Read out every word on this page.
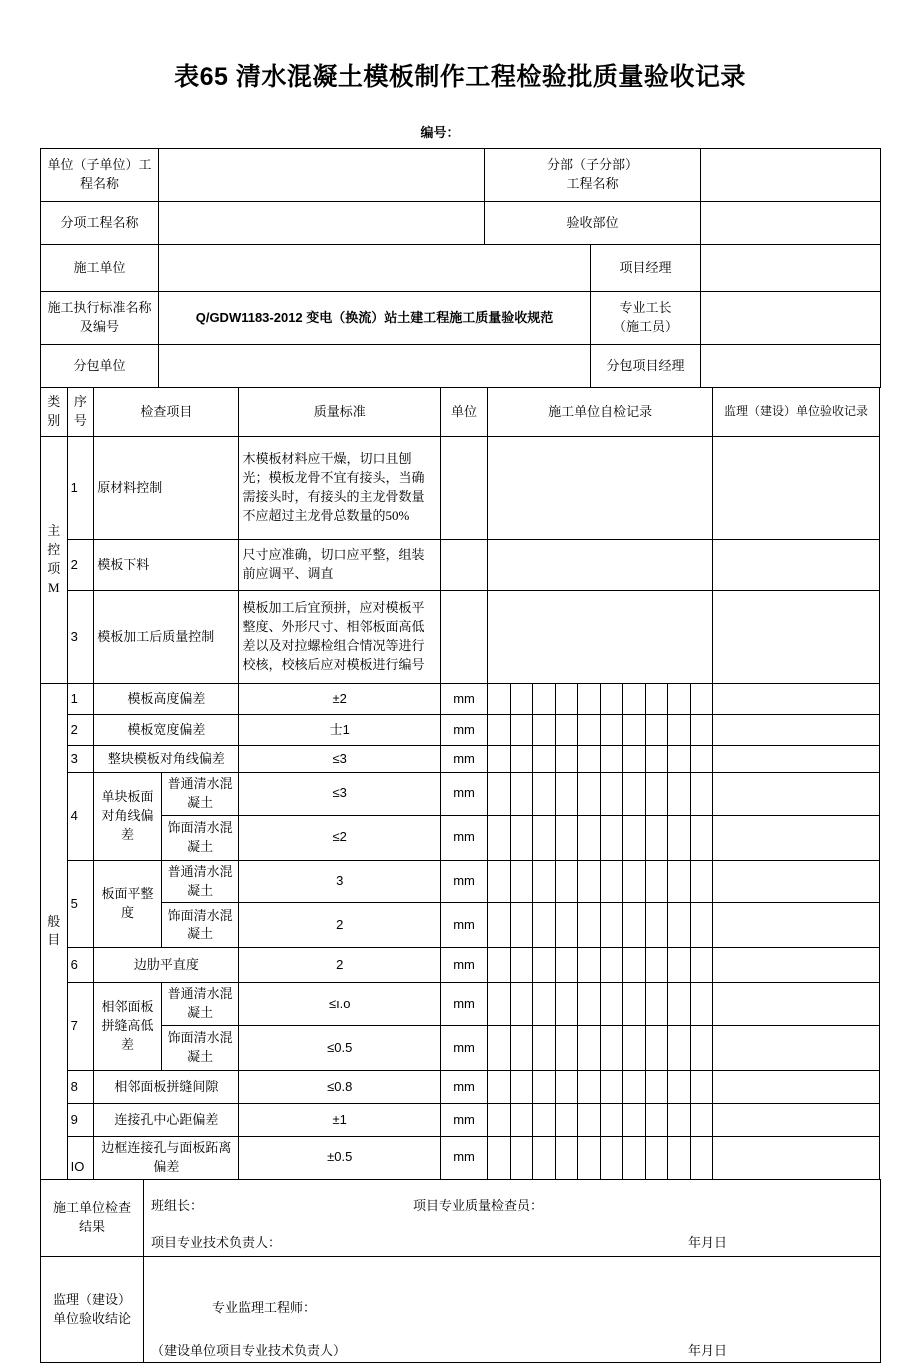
表65 清水混凝土模板制作工程检验批质量验收记录
编号：
单位（子单位）工
程名称		分部（子分部）
工程名称		
分项工程名称		验收部位		
施工单位			项目经理	
施工执行标准名称
及编号	Q/GDW1183-2012 变电（换流）站土建工程施工质量验收规范		专业工长
（施工员）	
分包单位			分包项目经理	
类别	序号	检查项目		质量标准	单位	施工单位自检记录										监理（建设）单位验收记录

主控项M	1	原材料控制		木模板材料应干燥，切口且刨光；模板龙骨不宜有接头，当确需接头时，有接头的主龙骨数量不应超过主龙骨总数量的50%												
	2	模板下料		尺寸应准确，切口应平整，组装前应调平、调直												
	3	模板加工后质量控制		模板加工后宜预拼，应对模板平整度、外形尺寸、相邻板面高低差以及对拉螺检组合情况等进行校核，校核后应对模板进行编号												

般目	1	模板高度偏差		±2	mm											
	2	模板宽度偏差		士1	mm											
	3	整块模板对角线偏差		≤3	mm											
	4	单块板面对角线偏差	普通清水混凝土	≤3	mm											
			饰面清水混凝土	≤2	mm											
	5	板面平整度	普通清水混凝土	3	mm											
			饰面清水混凝土	2	mm											
	6	边肋平直度		2	mm											
	7	相邻面板拼缝高低差	普通清水混凝土	≤ı.o	mm											
			饰面清水混凝土	≤0.5	mm											
	8	相邻面板拼缝间隙		≤0.8	mm											
	9	连接孔中心距偏差		±1	mm											
	IO	边框连接孔与面板跖离偏差		±0.5	mm											
施工单位检查
结果	
班组长：	项目专业质量检查员：
项目专业技术负责人：	年月日

监理（建设）
单位验收结论	
专业监理工程师：
（建设单位项目专业技术负责人）	年月日
